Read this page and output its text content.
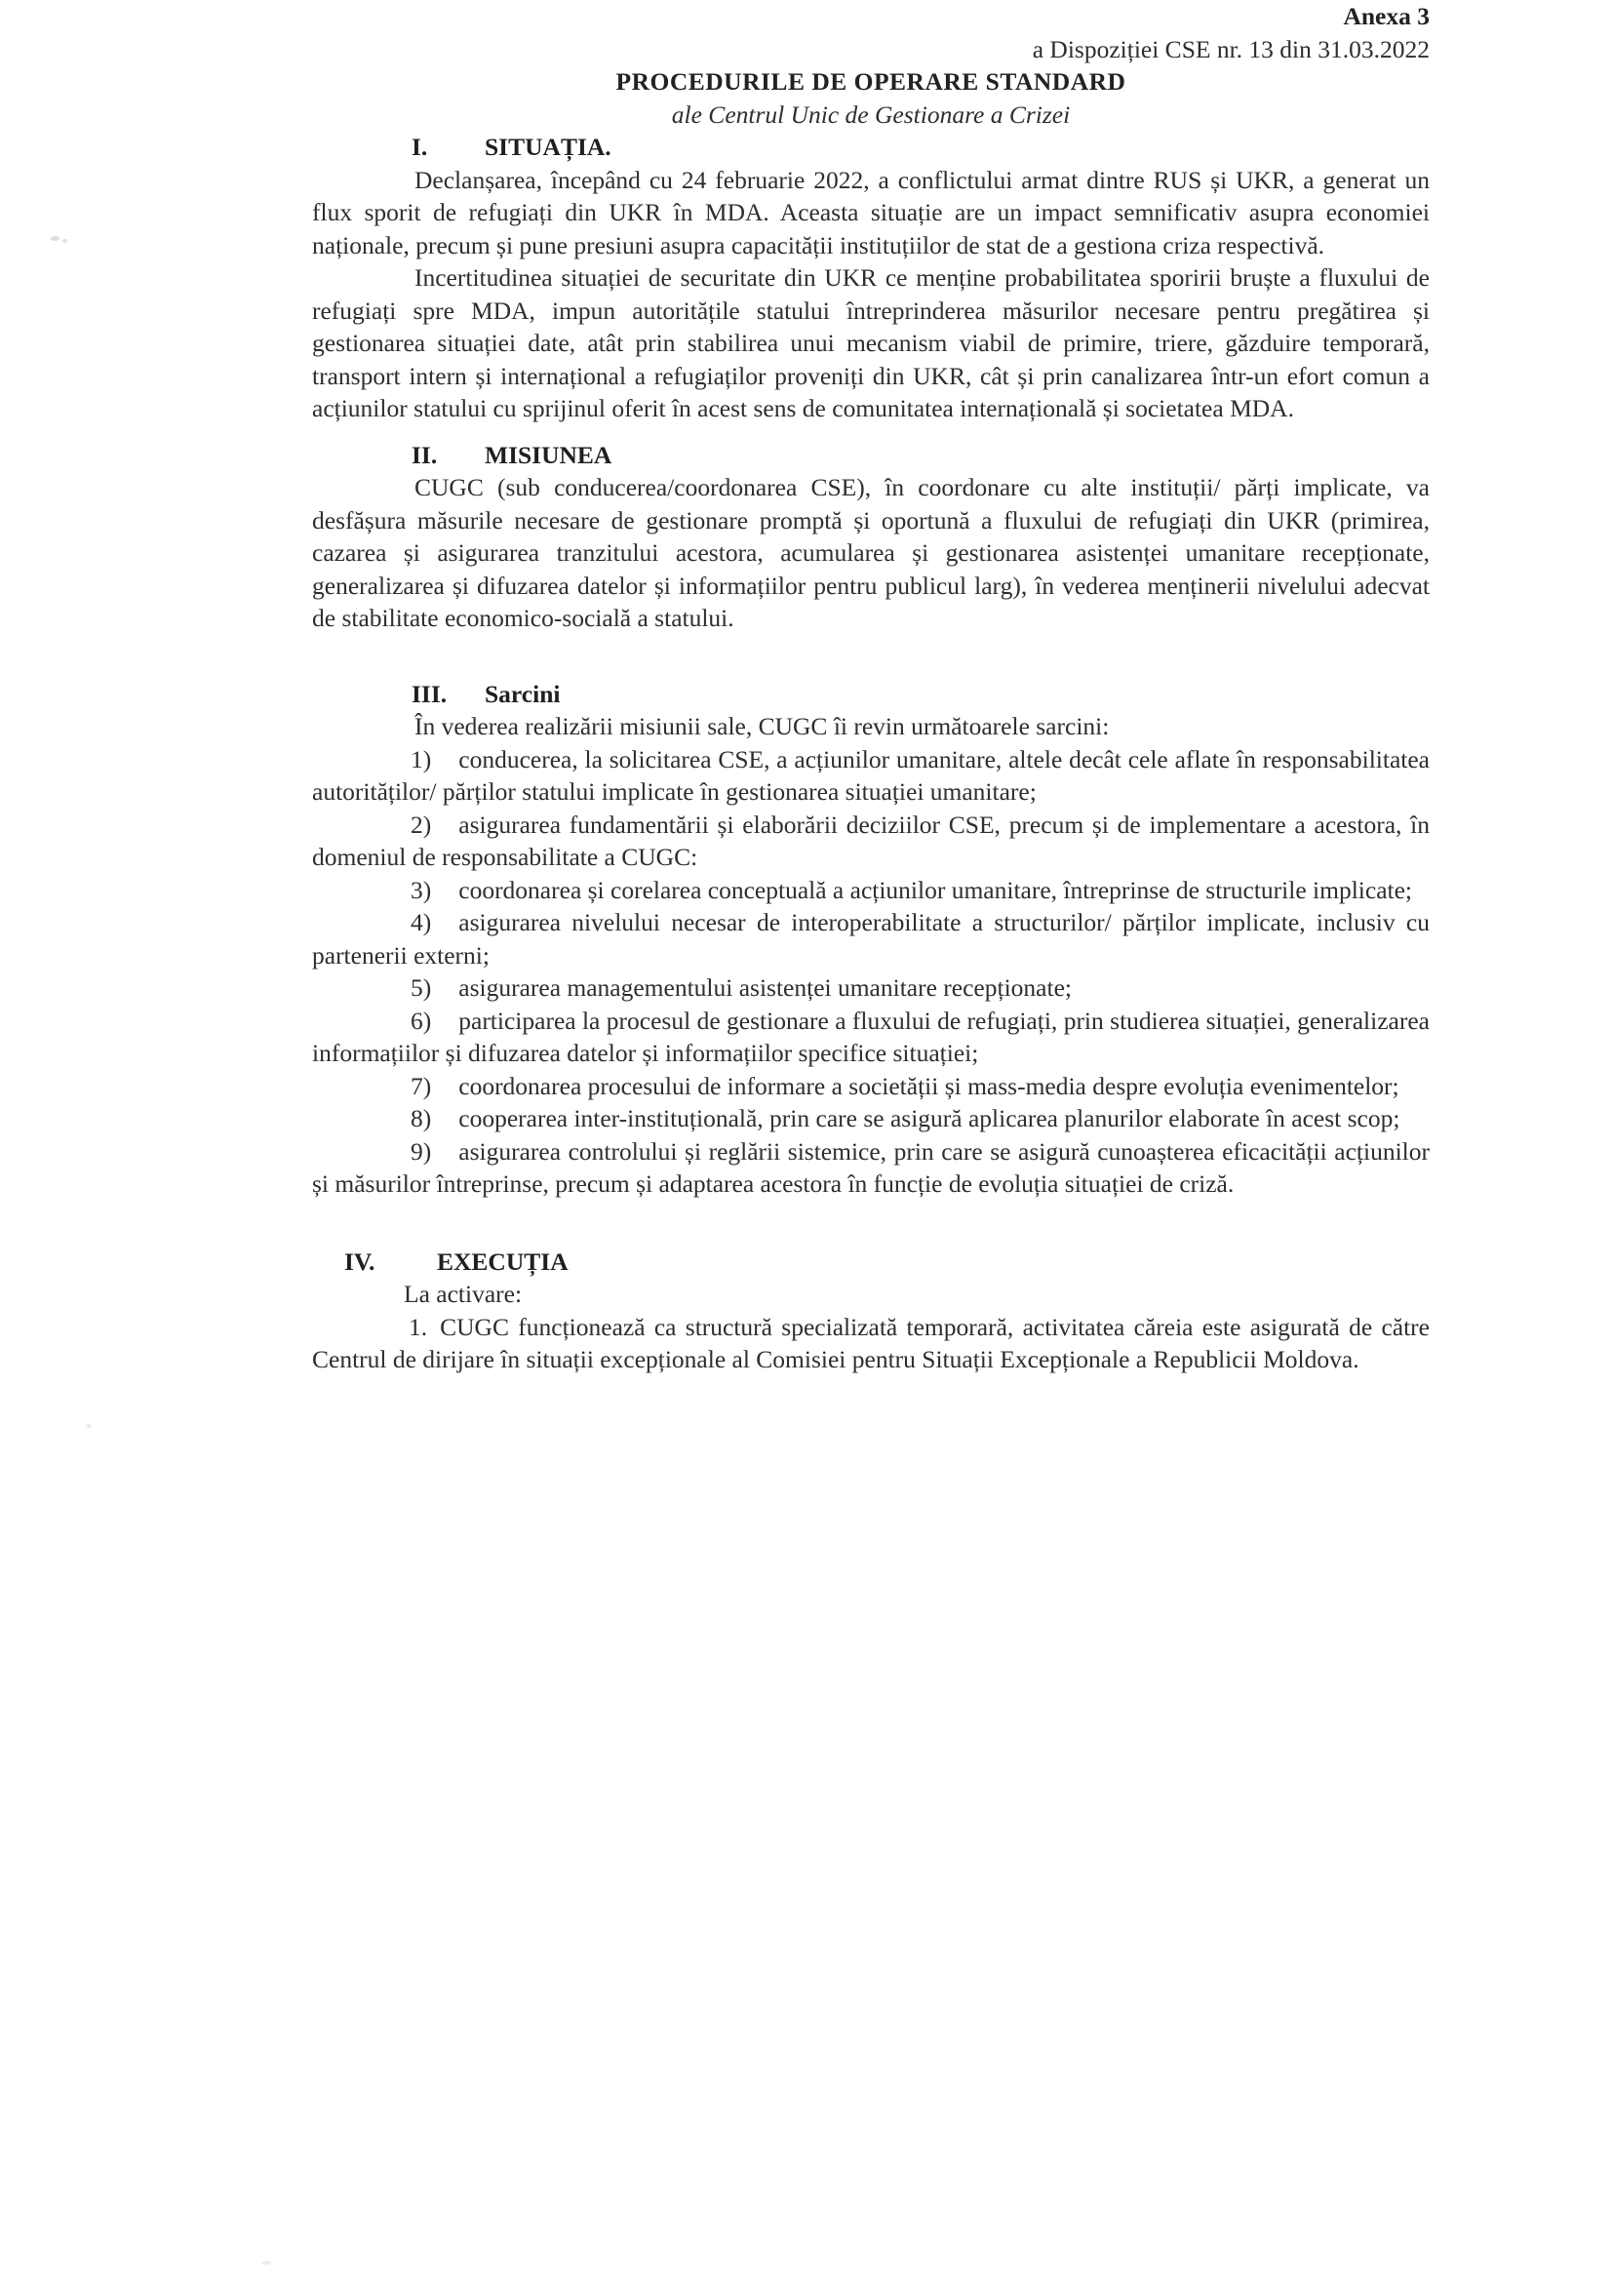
Anexa 3

a Dispoziției CSE nr. 13 din 31.03.2022

PROCEDURILE DE OPERARE STANDARD

ale Centrul Unic de Gestionare a Crizei

I. SITUAȚIA.

Declanșarea, începând cu 24 februarie 2022, a conflictului armat dintre RUS și UKR, a generat un flux sporit de refugiați din UKR în MDA. Aceasta situație are un impact semnificativ asupra economiei naționale, precum și pune presiuni asupra capacității instituțiilor de stat de a gestiona criza respectivă.

Incertitudinea situației de securitate din UKR ce menține probabilitatea sporirii bruște a fluxului de refugiați spre MDA, impun autoritățile statului întreprinderea măsurilor necesare pentru pregătirea și gestionarea situației date, atât prin stabilirea unui mecanism viabil de primire, triere, găzduire temporară, transport intern și internațional a refugiaților proveniți din UKR, cât și prin canalizarea într-un efort comun a acțiunilor statului cu sprijinul oferit în acest sens de comunitatea internațională și societatea MDA.

II. MISIUNEA

CUGC (sub conducerea/coordonarea CSE), în coordonare cu alte instituții/ părți implicate, va desfășura măsurile necesare de gestionare promptă și oportună a fluxului de refugiați din UKR (primirea, cazarea și asigurarea tranzitului acestora, acumularea și gestionarea asistenței umanitare recepționate, generalizarea și difuzarea datelor și informațiilor pentru publicul larg), în vederea menținerii nivelului adecvat de stabilitate economico-socială a statului.

III. Sarcini

În vederea realizării misiunii sale, CUGC îi revin următoarele sarcini:

1) conducerea, la solicitarea CSE, a acțiunilor umanitare, altele decât cele aflate în responsabilitatea autorităților/ părților statului implicate în gestionarea situației umanitare;

2) asigurarea fundamentării și elaborării deciziilor CSE, precum și de implementare a acestora, în domeniul de responsabilitate a CUGC:

3) coordonarea și corelarea conceptuală a acțiunilor umanitare, întreprinse de structurile implicate;

4) asigurarea nivelului necesar de interoperabilitate a structurilor/ părților implicate, inclusiv cu partenerii externi;

5) asigurarea managementului asistenței umanitare recepționate;

6) participarea la procesul de gestionare a fluxului de refugiați, prin studierea situației, generalizarea informațiilor și difuzarea datelor și informațiilor specifice situației;

7) coordonarea procesului de informare a societății și mass-media despre evoluția evenimentelor;

8) cooperarea inter-instituțională, prin care se asigură aplicarea planurilor elaborate în acest scop;

9) asigurarea controlului și reglării sistemice, prin care se asigură cunoașterea eficacității acțiunilor și măsurilor întreprinse, precum și adaptarea acestora în funcție de evoluția situației de criză.

IV. EXECUȚIA

La activare:

1. CUGC funcționează ca structură specializată temporară, activitatea căreia este asigurată de către Centrul de dirijare în situații excepționale al Comisiei pentru Situații Excepționale a Republicii Moldova.
